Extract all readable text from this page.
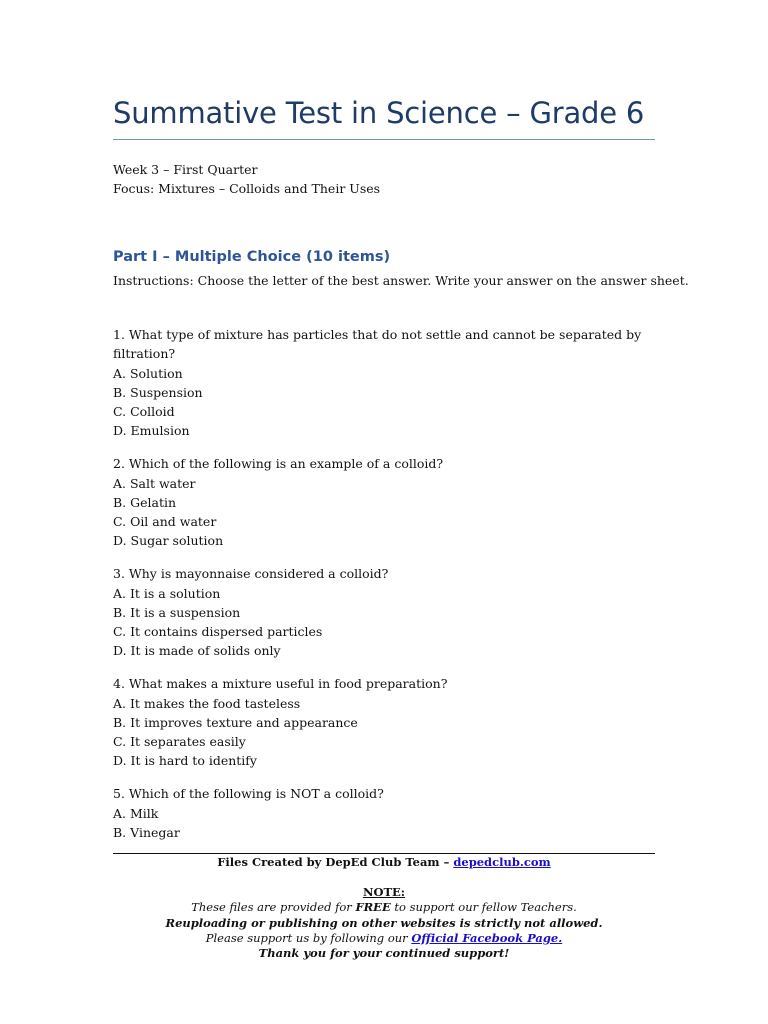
Summative Test in Science – Grade 6
Week 3 – First Quarter
Focus: Mixtures – Colloids and Their Uses
Part I – Multiple Choice (10 items)
Instructions: Choose the letter of the best answer. Write your answer on the answer sheet.
1. What type of mixture has particles that do not settle and cannot be separated by filtration?
A. Solution
B. Suspension
C. Colloid
D. Emulsion
2. Which of the following is an example of a colloid?
A. Salt water
B. Gelatin
C. Oil and water
D. Sugar solution
3. Why is mayonnaise considered a colloid?
A. It is a solution
B. It is a suspension
C. It contains dispersed particles
D. It is made of solids only
4. What makes a mixture useful in food preparation?
A. It makes the food tasteless
B. It improves texture and appearance
C. It separates easily
D. It is hard to identify
5. Which of the following is NOT a colloid?
A. Milk
B. Vinegar
Files Created by DepEd Club Team – depedclub.com
NOTE:
These files are provided for FREE to support our fellow Teachers.
Reuploading or publishing on other websites is strictly not allowed.
Please support us by following our Official Facebook Page.
Thank you for your continued support!
